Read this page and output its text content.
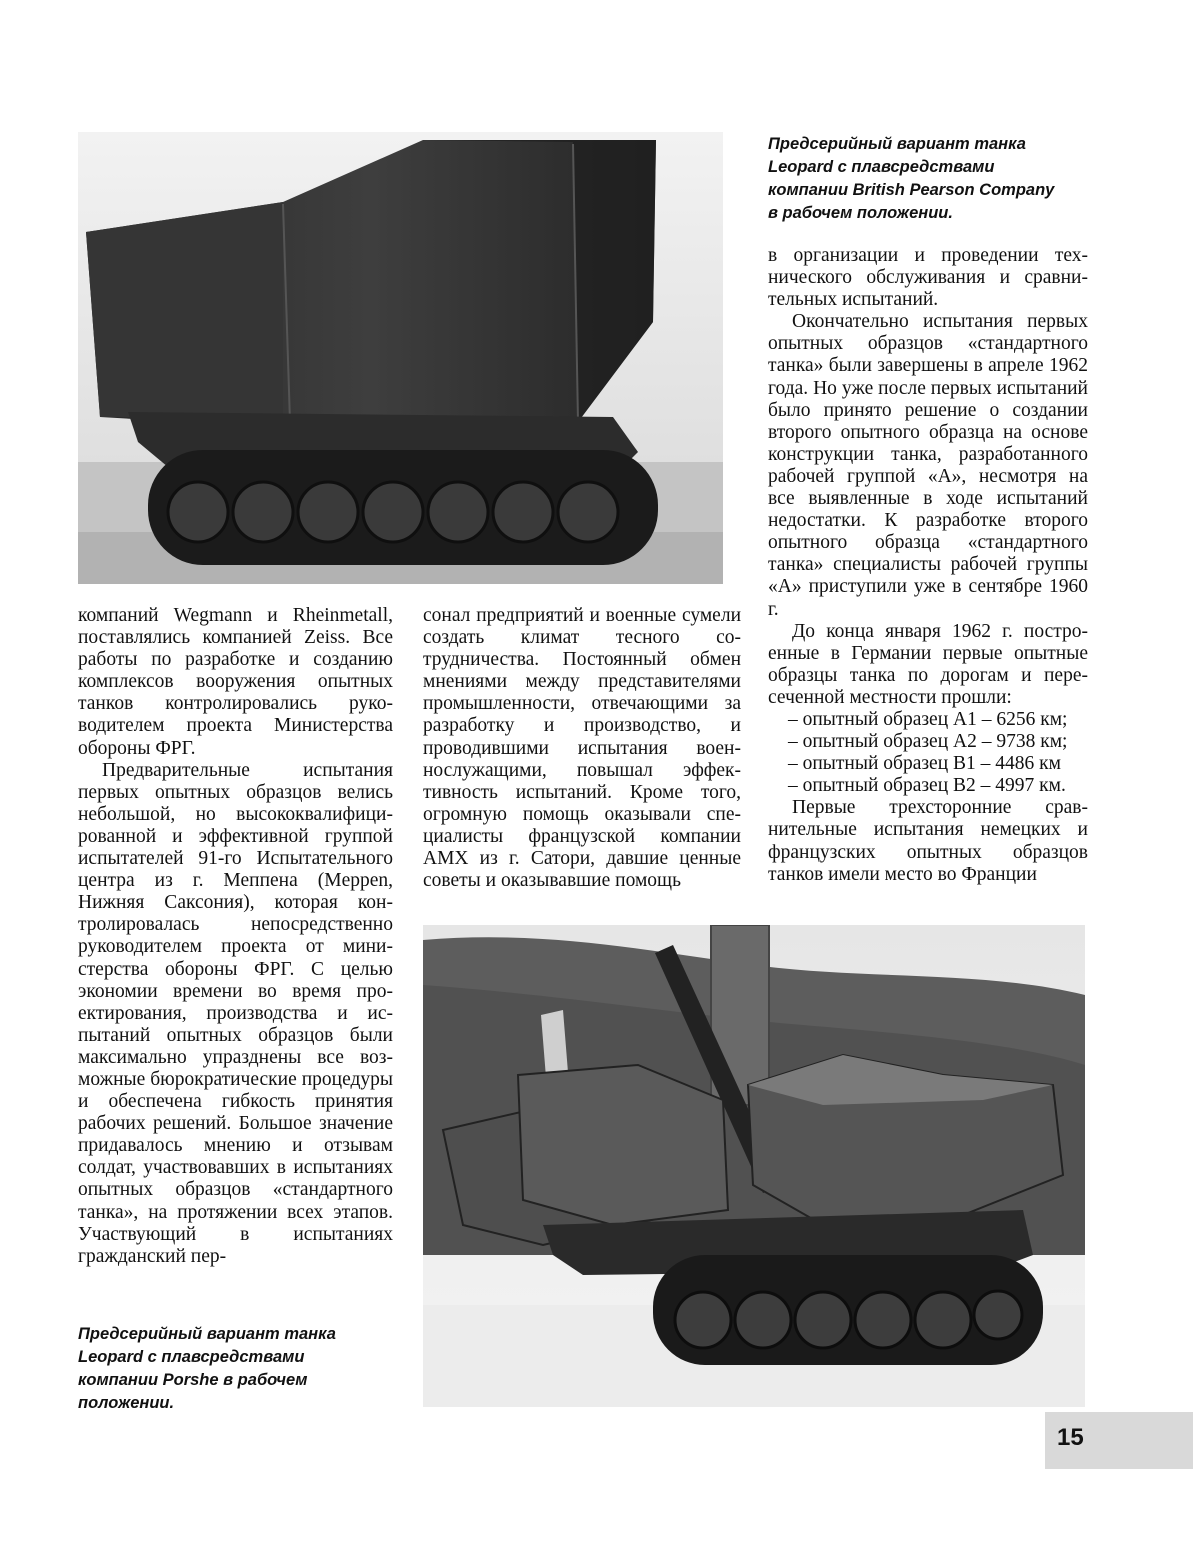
Предсерийный вариант танка
Leopard с плавсредствами
компании British Pearson Company
в рабочем положении.

в организации и проведении технического обслуживания и сравнительных испытаний.

Окончательно испытания первых опытных образцов «стандартного танка» были завершены в апреле 1962 года. Но уже после первых испытаний было принято решение о создании второго опытного образца на основе конструкции танка, разработанного рабочей группой «А», несмотря на все выявленные в ходе испытаний недостатки. К разработке второго опытного образца «стандартного танка» специалисты рабочей группы «А» приступили уже в сентябре 1960 г.

До конца января 1962 г. построенные в Германии первые опытные образцы танка по дорогам и пересеченной местности прошли:

– опытный образец A1 – 6256 км;
– опытный образец A2 – 9738 км;
– опытный образец B1 – 4486 км
– опытный образец B2 – 4997 км.

Первые трехсторонние сравнительные испытания немецких и французских опытных образцов танков имели место во Франции

компаний Wegmann и Rheinmetall, поставлялись компанией Zeiss. Все работы по разработке и созданию комплексов вооружения опытных танков контролировались руководителем проекта Министерства обороны ФРГ.

Предварительные испытания первых опытных образцов велись небольшой, но высококвалифицированной и эффективной группой испытателей 91-го Испытательного центра из г. Меппена (Meppen, Нижняя Саксония), которая контролировалась непосредственно руководителем проекта от министерства обороны ФРГ. С целью экономии времени во время проектирования, производства и испытаний опытных образцов были максимально упразднены все возможные бюрократические процедуры и обеспечена гибкость принятия рабочих решений. Большое значение придавалось мнению и отзывам солдат, участвовавших в испытаниях опытных образцов «стандартного танка», на протяжении всех этапов. Участвующий в испытаниях гражданский пер-

сонал предприятий и военные сумели создать климат тесного сотрудничества. Постоянный обмен мнениями между представителями промышленности, отвечающими за разработку и производство, и проводившими испытания военнослужащими, повышал эффективность испытаний. Кроме того, огромную помощь оказывали специалисты французской компании AMX из г. Сатори, давшие ценные советы и оказывавшие помощь

Предсерийный вариант танка
Leopard с плавсредствами
компании Porshe в рабочем
положении.
15
